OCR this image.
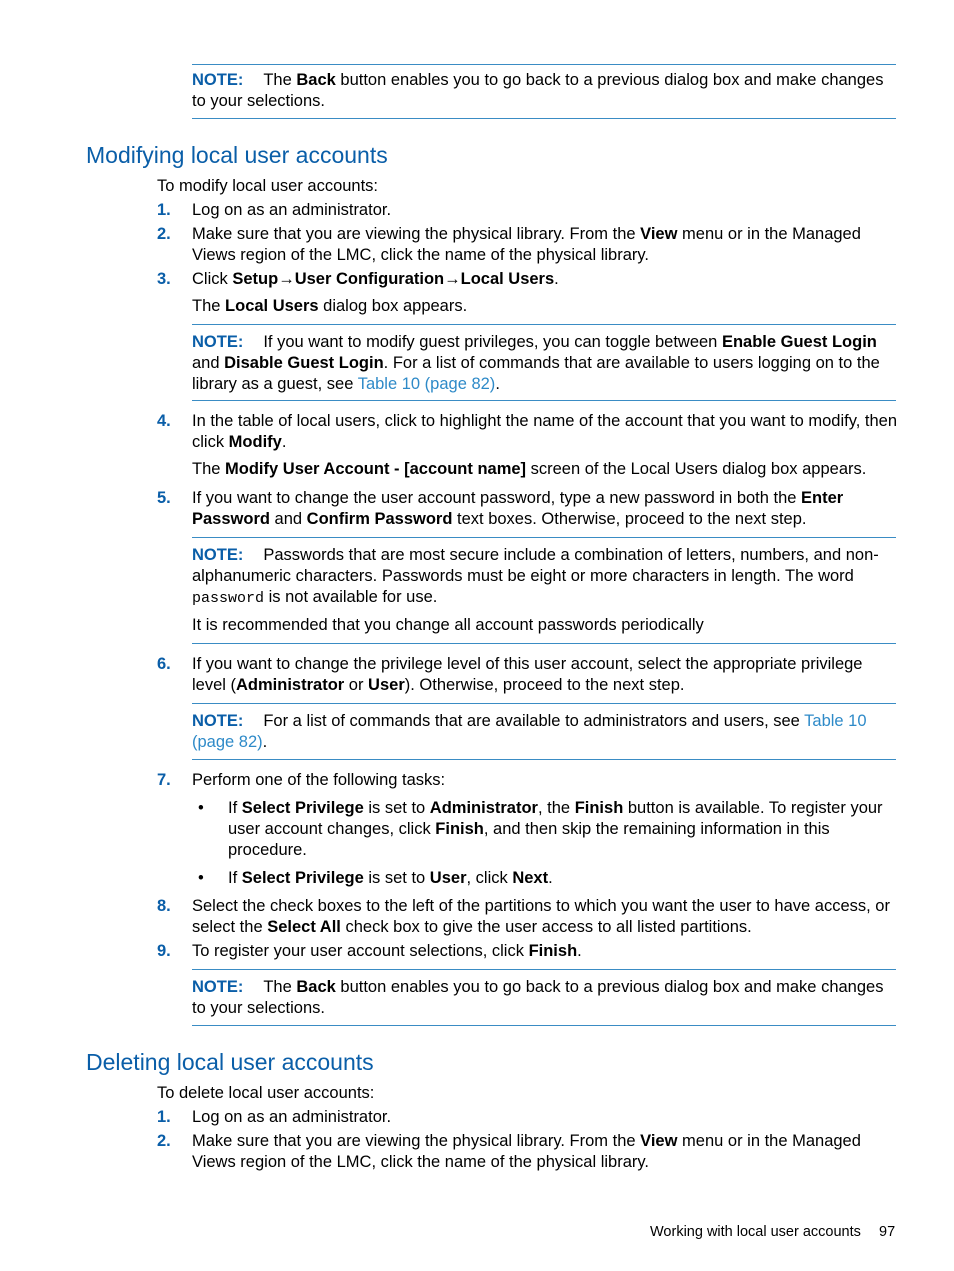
NOTE: The Back button enables you to go back to a previous dialog box and make changes to your selections.
Modifying local user accounts
To modify local user accounts:
1. Log on as an administrator.
2. Make sure that you are viewing the physical library. From the View menu or in the Managed Views region of the LMC, click the name of the physical library.
3. Click Setup→User Configuration→Local Users.
The Local Users dialog box appears.
NOTE: If you want to modify guest privileges, you can toggle between Enable Guest Login and Disable Guest Login. For a list of commands that are available to users logging on to the library as a guest, see Table 10 (page 82).
4. In the table of local users, click to highlight the name of the account that you want to modify, then click Modify.
The Modify User Account - [account name] screen of the Local Users dialog box appears.
5. If you want to change the user account password, type a new password in both the Enter Password and Confirm Password text boxes. Otherwise, proceed to the next step.
NOTE: Passwords that are most secure include a combination of letters, numbers, and non-alphanumeric characters. Passwords must be eight or more characters in length. The word password is not available for use.
It is recommended that you change all account passwords periodically
6. If you want to change the privilege level of this user account, select the appropriate privilege level (Administrator or User). Otherwise, proceed to the next step.
NOTE: For a list of commands that are available to administrators and users, see Table 10 (page 82).
7. Perform one of the following tasks:
• If Select Privilege is set to Administrator, the Finish button is available. To register your user account changes, click Finish, and then skip the remaining information in this procedure.
• If Select Privilege is set to User, click Next.
8. Select the check boxes to the left of the partitions to which you want the user to have access, or select the Select All check box to give the user access to all listed partitions.
9. To register your user account selections, click Finish.
NOTE: The Back button enables you to go back to a previous dialog box and make changes to your selections.
Deleting local user accounts
To delete local user accounts:
1. Log on as an administrator.
2. Make sure that you are viewing the physical library. From the View menu or in the Managed Views region of the LMC, click the name of the physical library.
Working with local user accounts 97
